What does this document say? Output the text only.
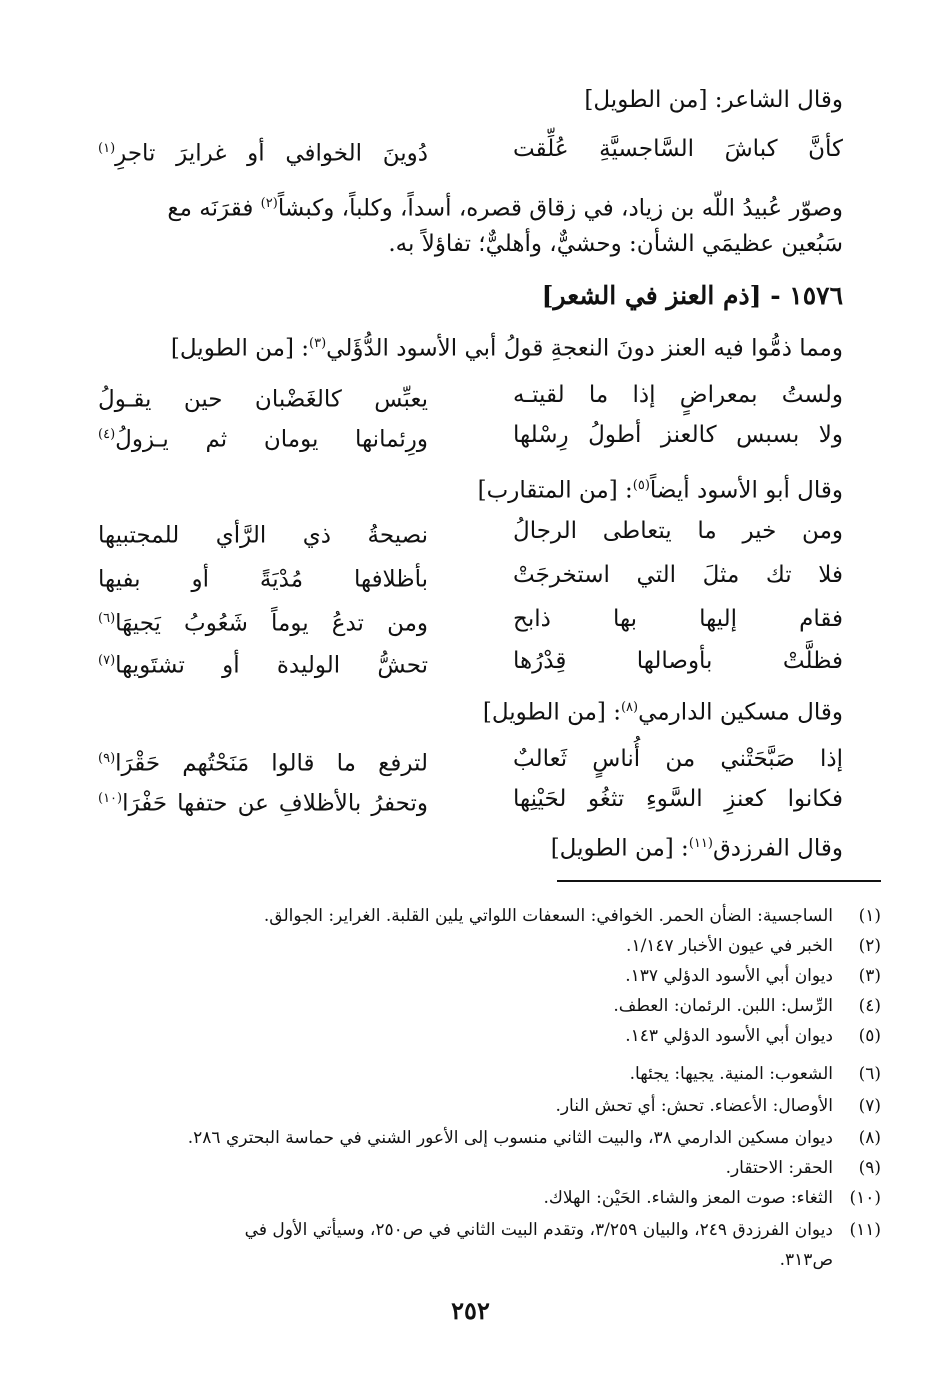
وقال الشاعر: [من الطويل]
كأنَّ كباشَ السَّاجسيَّةِ عُلِّقت
دُوينَ الخوافي أو غرايرَ تاجرِ$^{(١)}$
وصوّر عُبيدُ اللّه بن زياد، في زقاق قصره، أسداً، وكلباً، وكبشاً$^{(٢)}$ فقرَنَه مع
سَبُعين عظيمَي الشأن: وحشيٌّ، وأهليٌّ؛ تفاؤلاً به.
١٥٧٦ - [ذم العنز في الشعر]
ومما ذمُّوا فيه العنز دونَ النعجةِ قولُ أبي الأسود الدُّؤَلي$^{(٣)}$: [من الطويل]
ولستُ بمعراضٍ إذا ما لقيتـه
يعبِّس كالغَضْبان حين يقـولُ
ولا بسبس كالعنز أطولُ رِسْلها
ورِئمانها يومان ثم يـزولُ$^{(٤)}$
وقال أبو الأسود أيضاً$^{(٥)}$: [من المتقارب]
ومن خير ما يتعاطى الرجالُ
نصيحةُ ذي الرَّأي للمجتبيها
فلا تك مثلَ التي استخرجَتْ
بأظلافها مُدْيَةً أو بفيها
فقام إليها بها ذابح
ومن تدعُ يوماً شَعُوبُ يَجيهَا$^{(٦)}$
فظلَّتْ بأوصالها قِدْرُها
تحشُّ الوليدة أو تشتَويها$^{(٧)}$
وقال مسكين الدارمي$^{(٨)}$: [من الطويل]
إذا صَبَّحَتْني من أُناسٍ ثَعالبٌ
لترفع ما قالوا مَنَحْتُهم حَقْرَا$^{(٩)}$
فكانوا كعنزِ السَّوءِ تثغُو لحَيْنِها
وتحفرُ بالأظلافِ عن حتفها حَفْرَا$^{(١٠)}$
وقال الفرزدق$^{(١١)}$: [من الطويل]
(١)الساجسية: الضأن الحمر. الخوافي: السعفات اللواتي يلين القلبة. الغراير: الجوالق.
(٢)الخبر في عيون الأخبار ١/١٤٧.
(٣)ديوان أبي الأسود الدؤلي ١٣٧.
(٤)الرِّسل: اللبن. الرئمان: العطف.
(٥)ديوان أبي الأسود الدؤلي ١٤٣.
(٦)الشعوب: المنية. يجيها: يجئها.
(٧)الأوصال: الأعضاء. تحش: أي تحش النار.
(٨)ديوان مسكين الدارمي ٣٨، والبيت الثاني منسوب إلى الأعور الشني في حماسة البحتري ٢٨٦.
(٩)الحقر: الاحتقار.
(١٠)الثغاء: صوت المعز والشاء. الحَيْن: الهلاك.
(١١)ديوان الفرزدق ٢٤٩، والبيان ٣/٢٥٩، وتقدم البيت الثاني في ص٢٥٠، وسيأتي الأول في
ص٣١٣.
٢٥٢
